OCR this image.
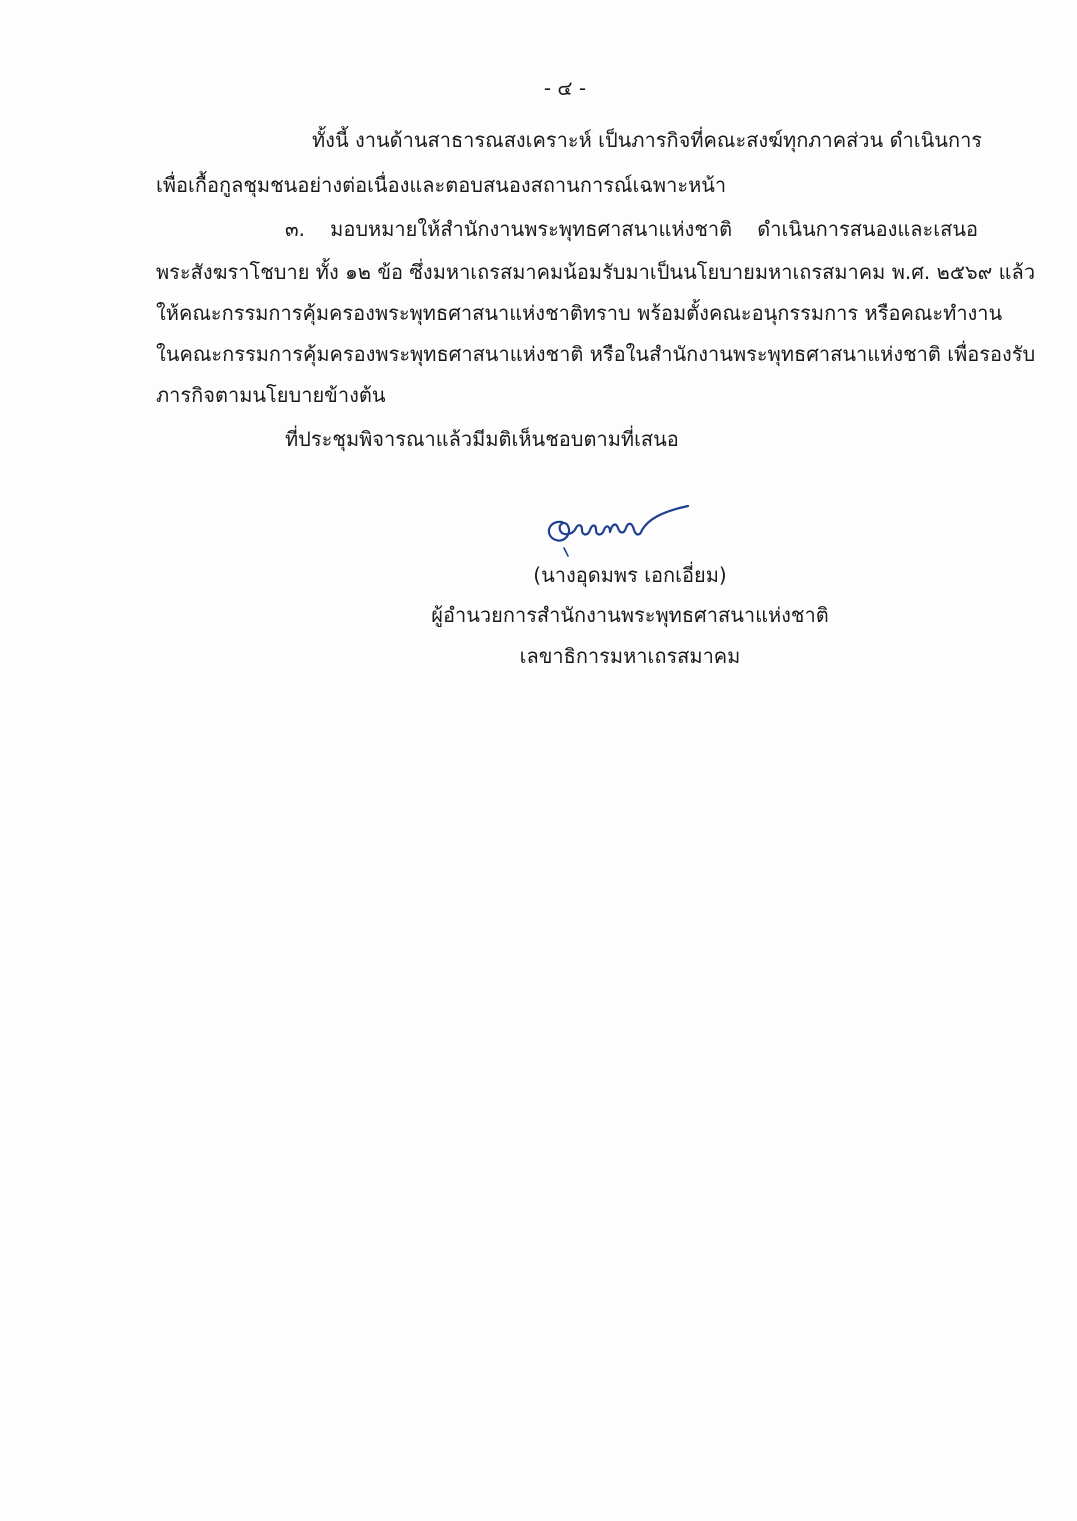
- ๔ -
ทั้งนี้ งานด้านสาธารณสงเคราะห์ เป็นภารกิจที่คณะสงฆ์ทุกภาคส่วน ดำเนินการ
เพื่อเกื้อกูลชุมชนอย่างต่อเนื่องและตอบสนองสถานการณ์เฉพาะหน้า
๓. มอบหมายให้สำนักงานพระพุทธศาสนาแห่งชาติ ดำเนินการสนองและเสนอ
พระสังฆราโชบาย ทั้ง ๑๒ ข้อ ซึ่งมหาเถรสมาคมน้อมรับมาเป็นนโยบายมหาเถรสมาคม พ.ศ. ๒๕๖๙ แล้ว
ให้คณะกรรมการคุ้มครองพระพุทธศาสนาแห่งชาติทราบ พร้อมตั้งคณะอนุกรรมการ หรือคณะทำงาน
ในคณะกรรมการคุ้มครองพระพุทธศาสนาแห่งชาติ หรือในสำนักงานพระพุทธศาสนาแห่งชาติ เพื่อรองรับ
ภารกิจตามนโยบายข้างต้น
ที่ประชุมพิจารณาแล้วมีมติเห็นชอบตามที่เสนอ
(นางอุดมพร เอกเอี่ยม)
ผู้อำนวยการสำนักงานพระพุทธศาสนาแห่งชาติ
เลขาธิการมหาเถรสมาคม
